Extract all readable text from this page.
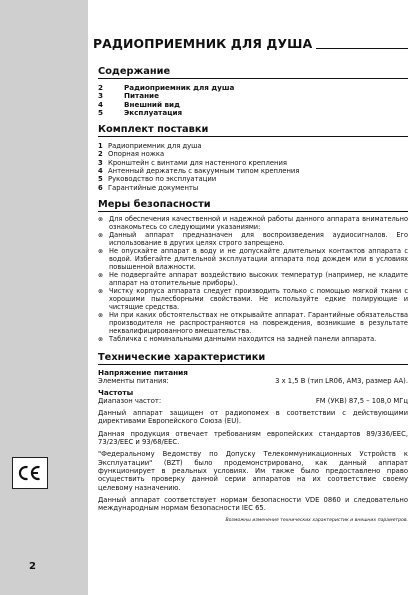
2
РАДИОПРИЕМНИК ДЛЯ ДУША
Содержание
2	Радиоприемник для душа
3	Питание
4	Внешний вид
5	Эксплуатация
Комплект поставки
1 Радиоприемник для душа
2 Опорная ножка
3 Кронштейн с винтами для настенного крепления
4 Антенный держатель с вакуумным типом крепления
5 Руководство по эксплуатации
6 Гарантийные документы
Меры безопасности
⊗ Для обеспечения качественной и надежной работы данного аппарата внимательно ознакомьтесь со следующими указаниями:
⊗ Данный аппарат предназначен для воспроизведения аудиосигналов. Его использование в других целях строго запрещено.
⊗ Не опускайте аппарат в воду и не допускайте длительных контактов аппарата с водой. Избегайте длительной эксплуатации аппарата под дождем или в условиях повышенной влажности.
⊗ Не подвергайте аппарат воздействию высоких температур (например, не кладите аппарат на отопительные приборы).
⊗ Чистку корпуса аппарата следует производить только с помощью мягкой ткани с хорошими пылесборными свойствами. Не используйте едкие полирующие и чистящие средства.
⊗ Ни при каких обстоятельствах не открывайте аппарат. Гарантийные обязательства производителя не распространяются на повреждения, возникшие в результате неквалифицированного вмешательства.
⊗ Табличка с номинальными данными находится на задней панели аппарата.
Технические характеристики
Напряжение питания
Элементы питания:	3 х 1,5 В (тип LR06, AM3, размер AA).
Частоты
Диапазон частот:	FM (УКВ) 87,5 – 108,0 МГц
Данный аппарат защищен от радиопомех в соответствии с действующими директивами Европейского Союза (EU).
Данная продукция отвечает требованиям европейских стандартов 89/336/EEC, 73/23/EEC и 93/68/EEC.
"Федеральному Ведомству по Допуску Телекоммуникационных Устройств к Эксплуатации" (BZT) было продемонстрировано, как данный аппарат функционирует в реальных условиях. Им также было предоставлено право осуществить проверку данной серии аппаратов на их соответствие своему целевому назначению.
Данный аппарат соответствует нормам безопасности VDE 0860 и следовательно международным нормам безопасности IEC 65.
Возможны изменения технических характеристик и внешних параметров.
